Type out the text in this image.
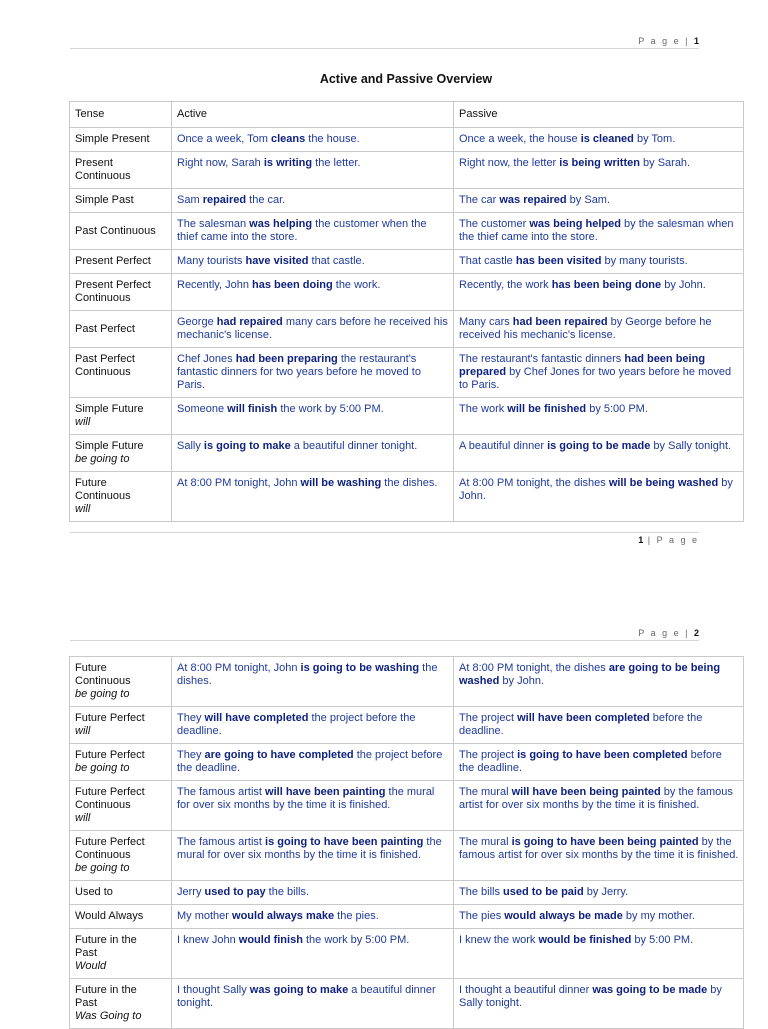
P a g e | 1
Active and Passive Overview
Tense	Active	Passive

Simple Present	Once a week, Tom cleans the house.	Once a week, the house is cleaned by Tom.

Present
Continuous	Right now, Sarah is writing the letter.	Right now, the letter is being written by Sarah.

Simple Past	Sam repaired the car.	The car was repaired by Sam.

Past Continuous	The salesman was helping the customer when the thief came into the store.	The customer was being helped by the salesman when the thief came into the store.

Present Perfect	Many tourists have visited that castle.	That castle has been visited by many tourists.

Present Perfect
Continuous	Recently, John has been doing the work.	Recently, the work has been being done by John.

Past Perfect	George had repaired many cars before he received his mechanic's license.	Many cars had been repaired by George before he received his mechanic's license.

Past Perfect
Continuous	Chef Jones had been preparing the restaurant's fantastic dinners for two years before he moved to Paris.	The restaurant's fantastic dinners had been being prepared by Chef Jones for two years before he moved to Paris.

Simple Future
will	Someone will finish the work by 5:00 PM.	The work will be finished by 5:00 PM.

Simple Future
be going to	Sally is going to make a beautiful dinner tonight.	A beautiful dinner is going to be made by Sally tonight.

Future
Continuous
will	At 8:00 PM tonight, John will be washing the dishes.	At 8:00 PM tonight, the dishes will be being washed by John.
1 | P a g e
P a g e | 2
Future
Continuous
be going to	At 8:00 PM tonight, John is going to be washing the dishes.	At 8:00 PM tonight, the dishes are going to be being washed by John.

Future Perfect
will	They will have completed the project before the deadline.	The project will have been completed before the deadline.

Future Perfect
be going to	They are going to have completed the project before the deadline.	The project is going to have been completed before the deadline.

Future Perfect
Continuous
will	The famous artist will have been painting the mural for over six months by the time it is finished.	The mural will have been being painted by the famous artist for over six months by the time it is finished.

Future Perfect
Continuous
be going to	The famous artist is going to have been painting the mural for over six months by the time it is finished.	The mural is going to have been being painted by the famous artist for over six months by the time it is finished.

Used to	Jerry used to pay the bills.	The bills used to be paid by Jerry.

Would Always	My mother would always make the pies.	The pies would always be made by my mother.

Future in the
Past
Would	I knew John would finish the work by 5:00 PM.	I knew the work would be finished by 5:00 PM.

Future in the
Past
Was Going to	I thought Sally was going to make a beautiful dinner tonight.	I thought a beautiful dinner was going to be made by Sally tonight.
